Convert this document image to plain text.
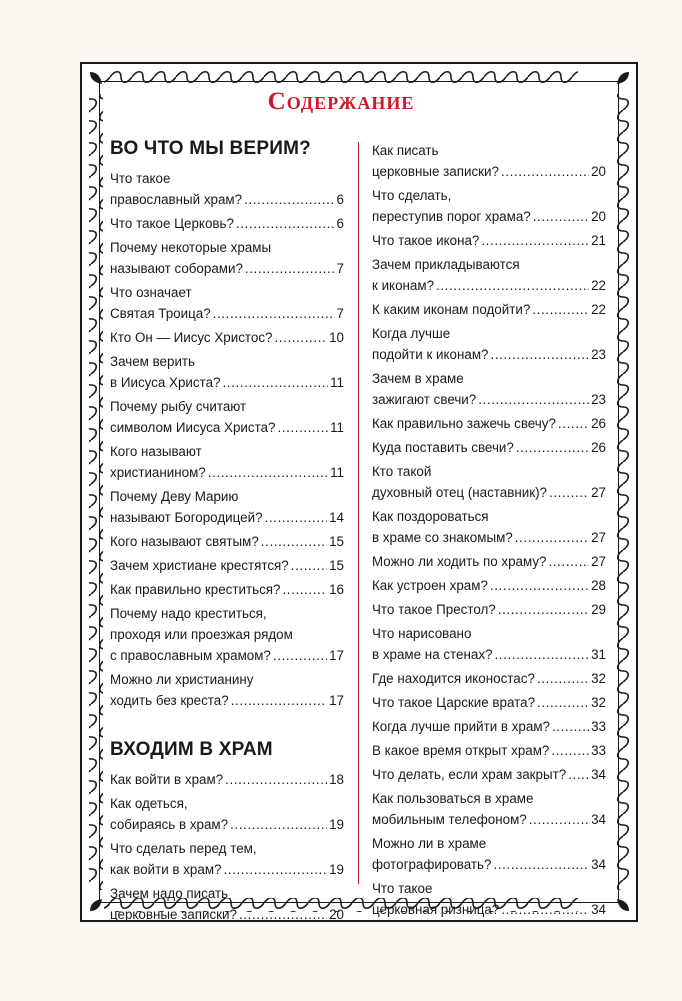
Содержание
ВО ЧТО МЫ ВЕРИМ?
Что такое
православный храм? .....	6
Что такое Церковь? .....	6
Почему некоторые храмы
называют соборами? .....	7
Что означает
Святая Троица? .....	7
Кто Он — Иисус Христос? .....	10
Зачем верить
в Иисуса Христа? .....	11
Почему рыбу считают
символом Иисуса Христа? .....	11
Кого называют
христианином? .....	11
Почему Деву Марию
называют Богородицей? .....	14
Кого называют святым? .....	15
Зачем христиане крестятся? .....	15
Как правильно креститься? .....	16
Почему надо креститься,
проходя или проезжая рядом
с православным храмом? .....	17
Можно ли христианину
ходить без креста? .....	17
ВХОДИМ В ХРАМ
Как войти в храм? .....	18
Как одеться,
собираясь в храм? .....	19
Что сделать перед тем,
как войти в храм? .....	19
Зачем надо писать
церковные записки? .....	20
Как писать
церковные записки? .....	20
Что сделать,
переступив порог храма? .....	20
Что такое икона? .....	21
Зачем прикладываются
к иконам? .....	22
К каким иконам подойти? .....	22
Когда лучше
подойти к иконам? .....	23
Зачем в храме
зажигают свечи? .....	23
Как правильно зажечь свечу? .....	26
Куда поставить свечи? .....	26
Кто такой
духовный отец (наставник)? .....	27
Как поздороваться
в храме со знакомым? .....	27
Можно ли ходить по храму? .....	27
Как устроен храм? .....	28
Что такое Престол? .....	29
Что нарисовано
в храме на стенах? .....	31
Где находится иконостас? .....	32
Что такое Царские врата? .....	32
Когда лучше прийти в храм? .....	33
В какое время открыт храм? .....	33
Что делать, если храм закрыт? ..... 34
Как пользоваться в храме
мобильным телефоном? .....	34
Можно ли в храме
фотографировать? .....	34
Что такое
церковная ризница? .....	34
